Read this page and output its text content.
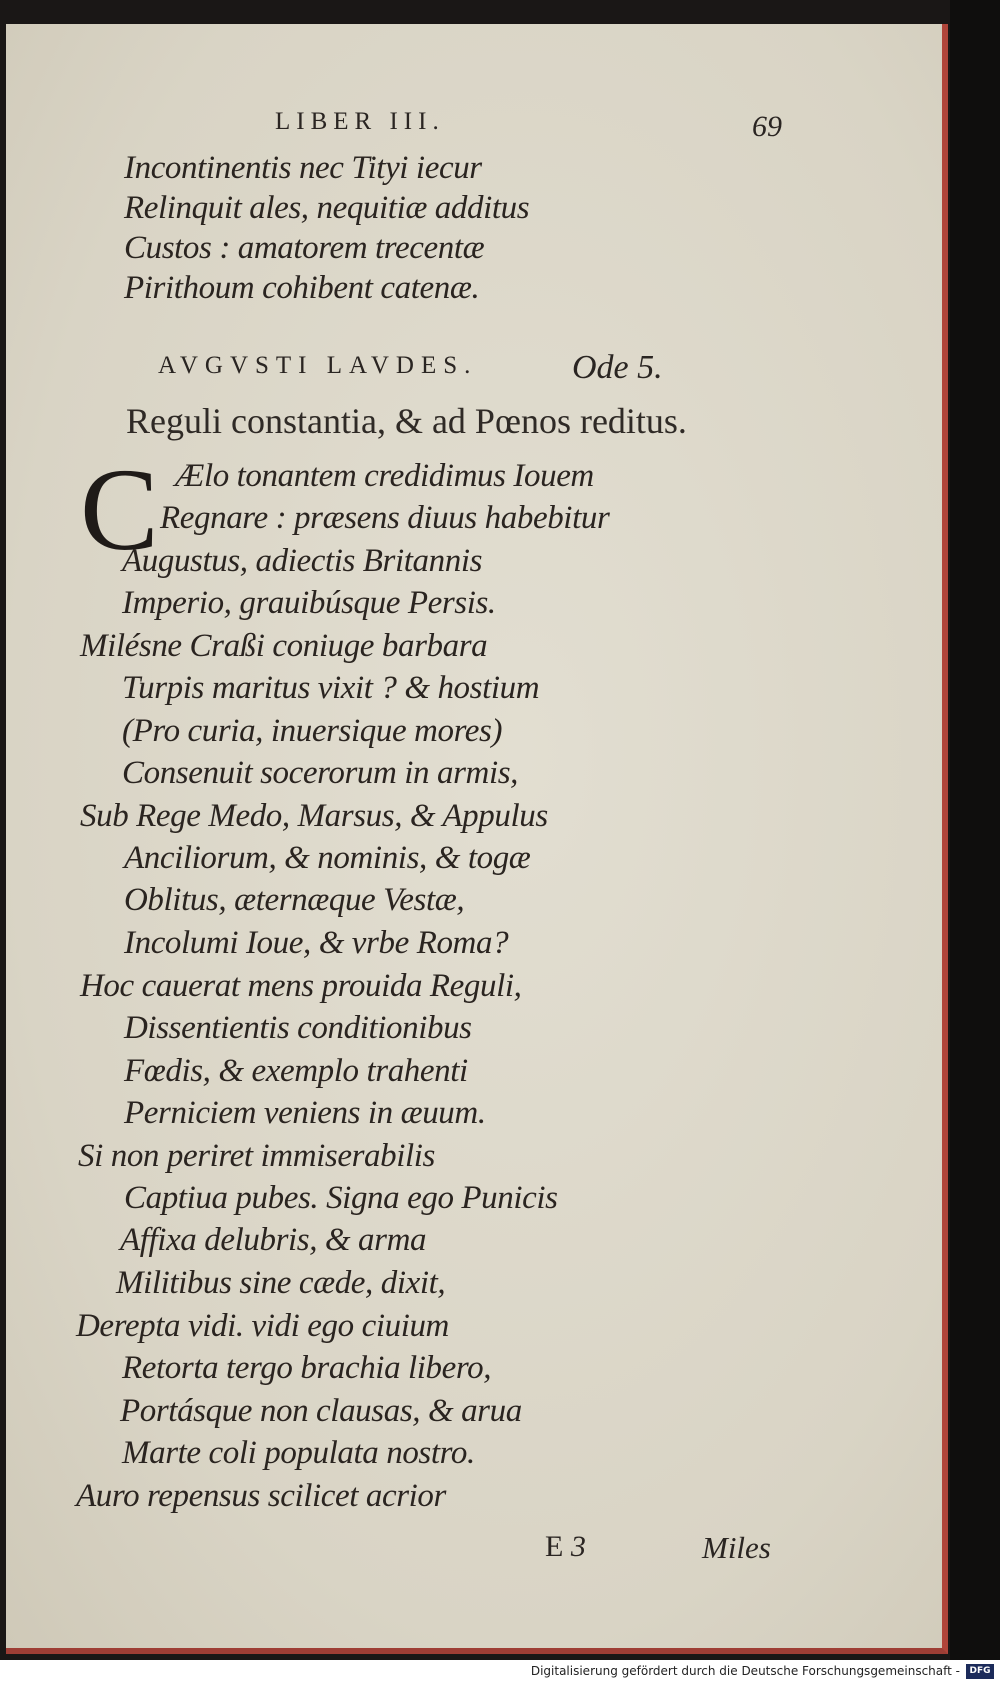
LIBER III.	69
Incontinentis nec Tityi iecur
Relinquit ales, nequitiæ additus
Custos : amatorem trecentæ
Pirithoum cohibent catenæ.
AVGVSTI LAVDES.	Ode 5.
Reguli constantia, & ad Pœnos reditus.
C Ælo tonantem credidimus Iouem
Regnare : præsens diuus habebitur
Augustus, adiectis Britannis
Imperio, grauibúsque Persis.
Milésne Craßi coniuge barbara
Turpis maritus vixit ? & hostium
(Pro curia, inuersique mores)
Consenuit socerorum in armis,
Sub Rege Medo, Marsus, & Appulus
Anciliorum, & nominis, & togæ
Oblitus, æternæque Vestæ,
Incolumi Ioue, & vrbe Roma?
Hoc cauerat mens prouida Reguli,
Dissentientis conditionibus
Fœdis, & exemplo trahenti
Perniciem veniens in æuum.
Si non periret immiserabilis
Captiua pubes. Signa ego Punicis
Affixa delubris, & arma
Militibus sine cæde, dixit,
Derepta vidi. vidi ego ciuium
Retorta tergo brachia libero,
Portásque non clausas, & arua
Marte coli populata nostro.
Auro repensus scilicet acrior
E 3	Miles
Digitalisierung gefördert durch die Deutsche Forschungsgemeinschaft -	DFG
